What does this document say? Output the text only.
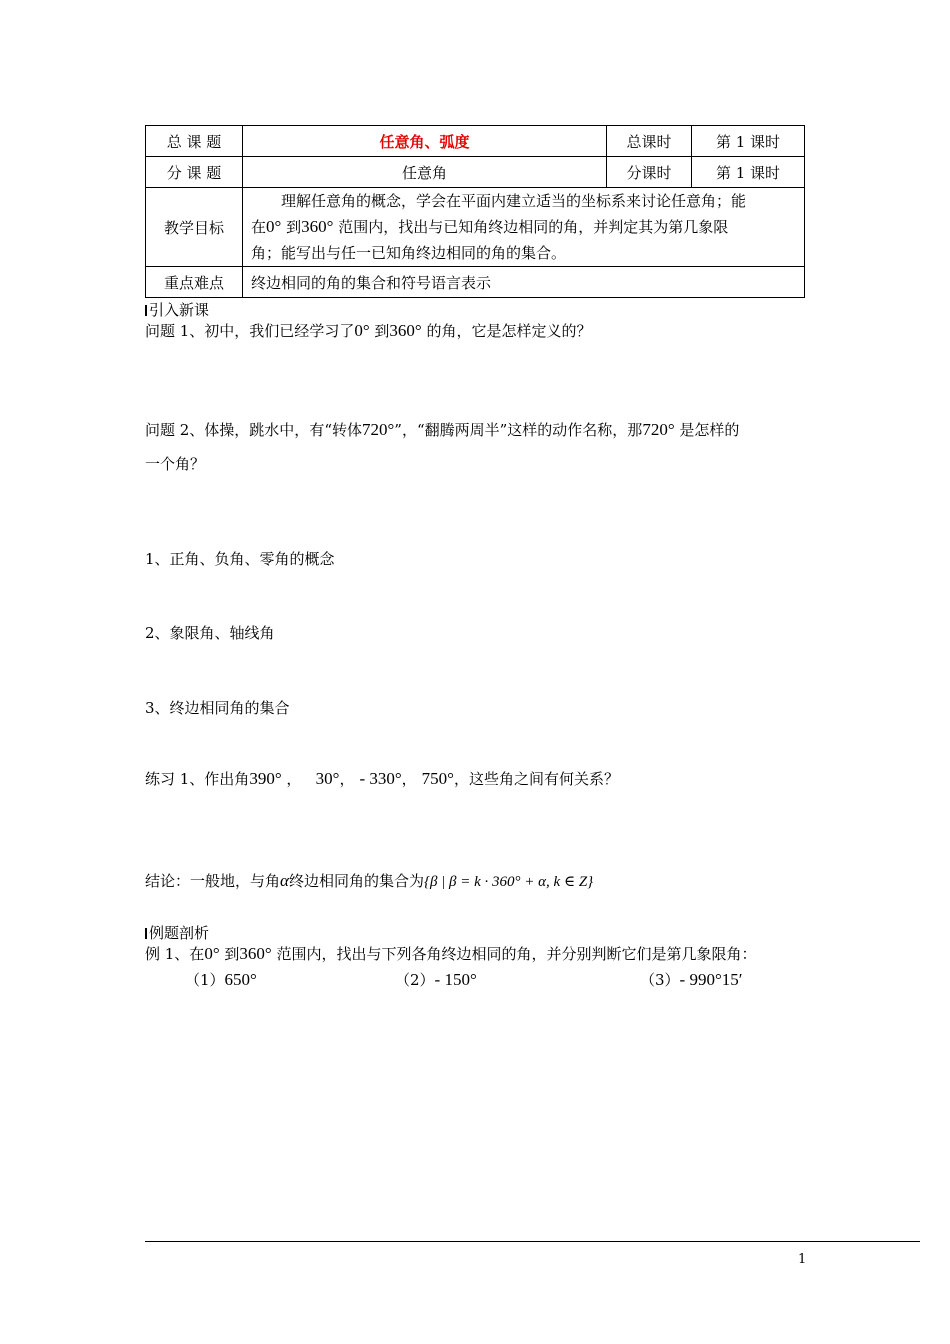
总 课 题	任意角、弧度	总课时	第 1 课时
分 课 题	任意角	分课时	第 1 课时
教学目标	理解任意角的概念，学会在平面内建立适当的坐标系来讨论任意角；能
在0° 到360° 范围内，找出与已知角终边相同的角，并判定其为第几象限
角；能写出与任一已知角终边相同的角的集合。		

重点难点	终边相同的角的集合和符号语言表示		
引入新课
问题 1、初中，我们已经学习了0° 到360° 的角，它是怎样定义的？
问题 2、体操，跳水中，有“转体720°”，“翻腾两周半”这样的动作名称，那720° 是怎样的
一个角？
1、正角、负角、零角的概念
2、象限角、轴线角
3、终边相同角的集合
练习 1、作出角390° ， 30°， - 330°， 750°，这些角之间有何关系？
结论：一般地，与角α终边相同角的集合为{β | β = k · 360° + α, k ∈ Z}
例题剖析
例 1、在0° 到360° 范围内，找出与下列各角终边相同的角，并分别判断它们是第几象限角：
（1）650°	（2）- 150°	（3）- 990°15′
1
